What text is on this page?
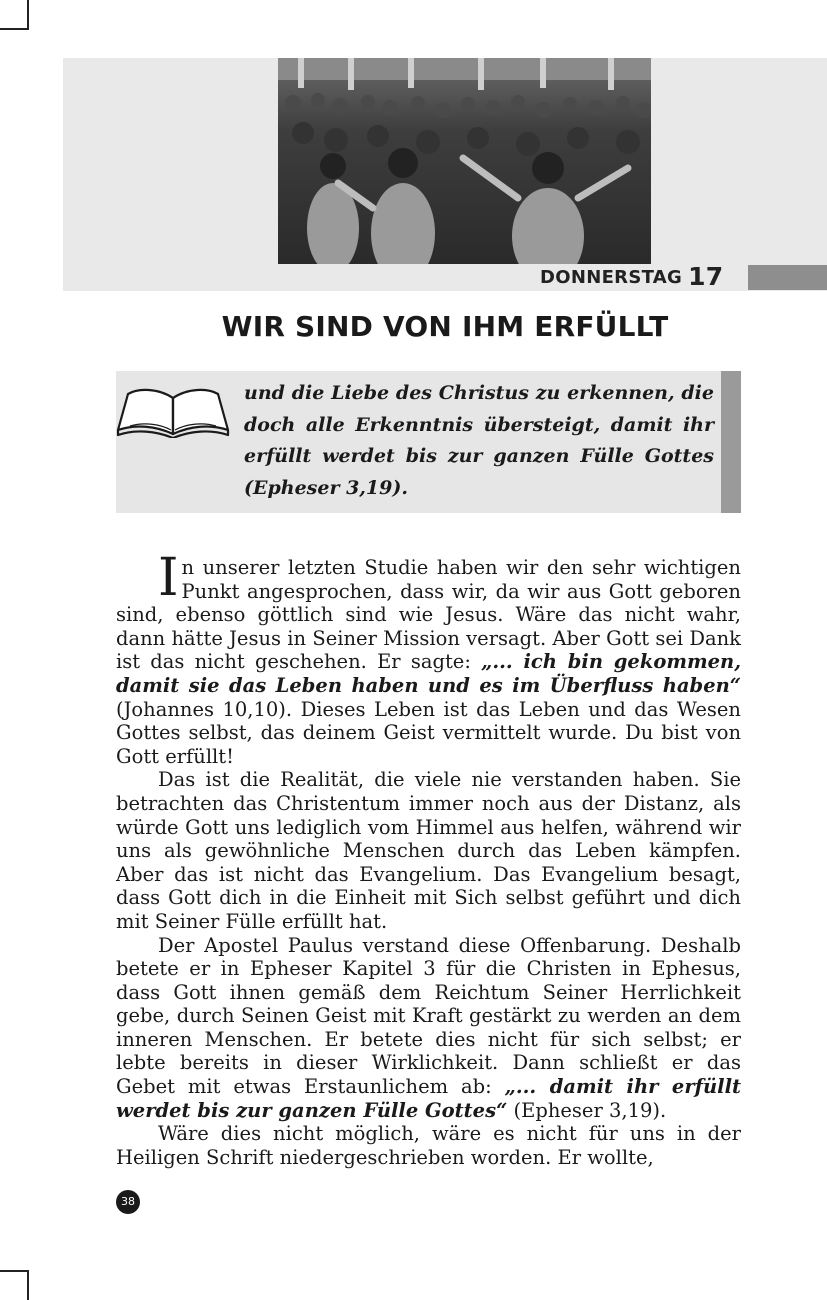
DONNERSTAG 17
WIR SIND VON IHM ERFÜLLT
und die Liebe des Christus zu erkennen, die doch alle Erkenntnis übersteigt, damit ihr erfüllt werdet bis zur ganzen Fülle Gottes (Epheser 3,19).

In unserer letzten Studie haben wir den sehr wichtigen Punkt angesprochen, dass wir, da wir aus Gott geboren sind, ebenso göttlich sind wie Jesus. Wäre das nicht wahr, dann hätte Jesus in Seiner Mission versagt. Aber Gott sei Dank ist das nicht geschehen. Er sagte: „... ich bin gekommen, damit sie das Leben haben und es im Überfluss haben“ (Johannes 10,10). Dieses Leben ist das Leben und das Wesen Gottes selbst, das deinem Geist vermittelt wurde. Du bist von Gott erfüllt!

Das ist die Realität, die viele nie verstanden haben. Sie betrachten das Christentum immer noch aus der Distanz, als würde Gott uns lediglich vom Himmel aus helfen, während wir uns als gewöhnliche Menschen durch das Leben kämpfen. Aber das ist nicht das Evangelium. Das Evangelium besagt, dass Gott dich in die Einheit mit Sich selbst geführt und dich mit Seiner Fülle erfüllt hat.

Der Apostel Paulus verstand diese Offenbarung. Deshalb betete er in Epheser Kapitel 3 für die Christen in Ephesus, dass Gott ihnen gemäß dem Reichtum Seiner Herrlichkeit gebe, durch Seinen Geist mit Kraft gestärkt zu werden an dem inneren Menschen. Er betete dies nicht für sich selbst; er lebte bereits in dieser Wirklichkeit. Dann schließt er das Gebet mit etwas Erstaunlichem ab: „... damit ihr erfüllt werdet bis zur ganzen Fülle Gottes“ (Epheser 3,19).

Wäre dies nicht möglich, wäre es nicht für uns in der Heiligen Schrift niedergeschrieben worden. Er wollte,

38
